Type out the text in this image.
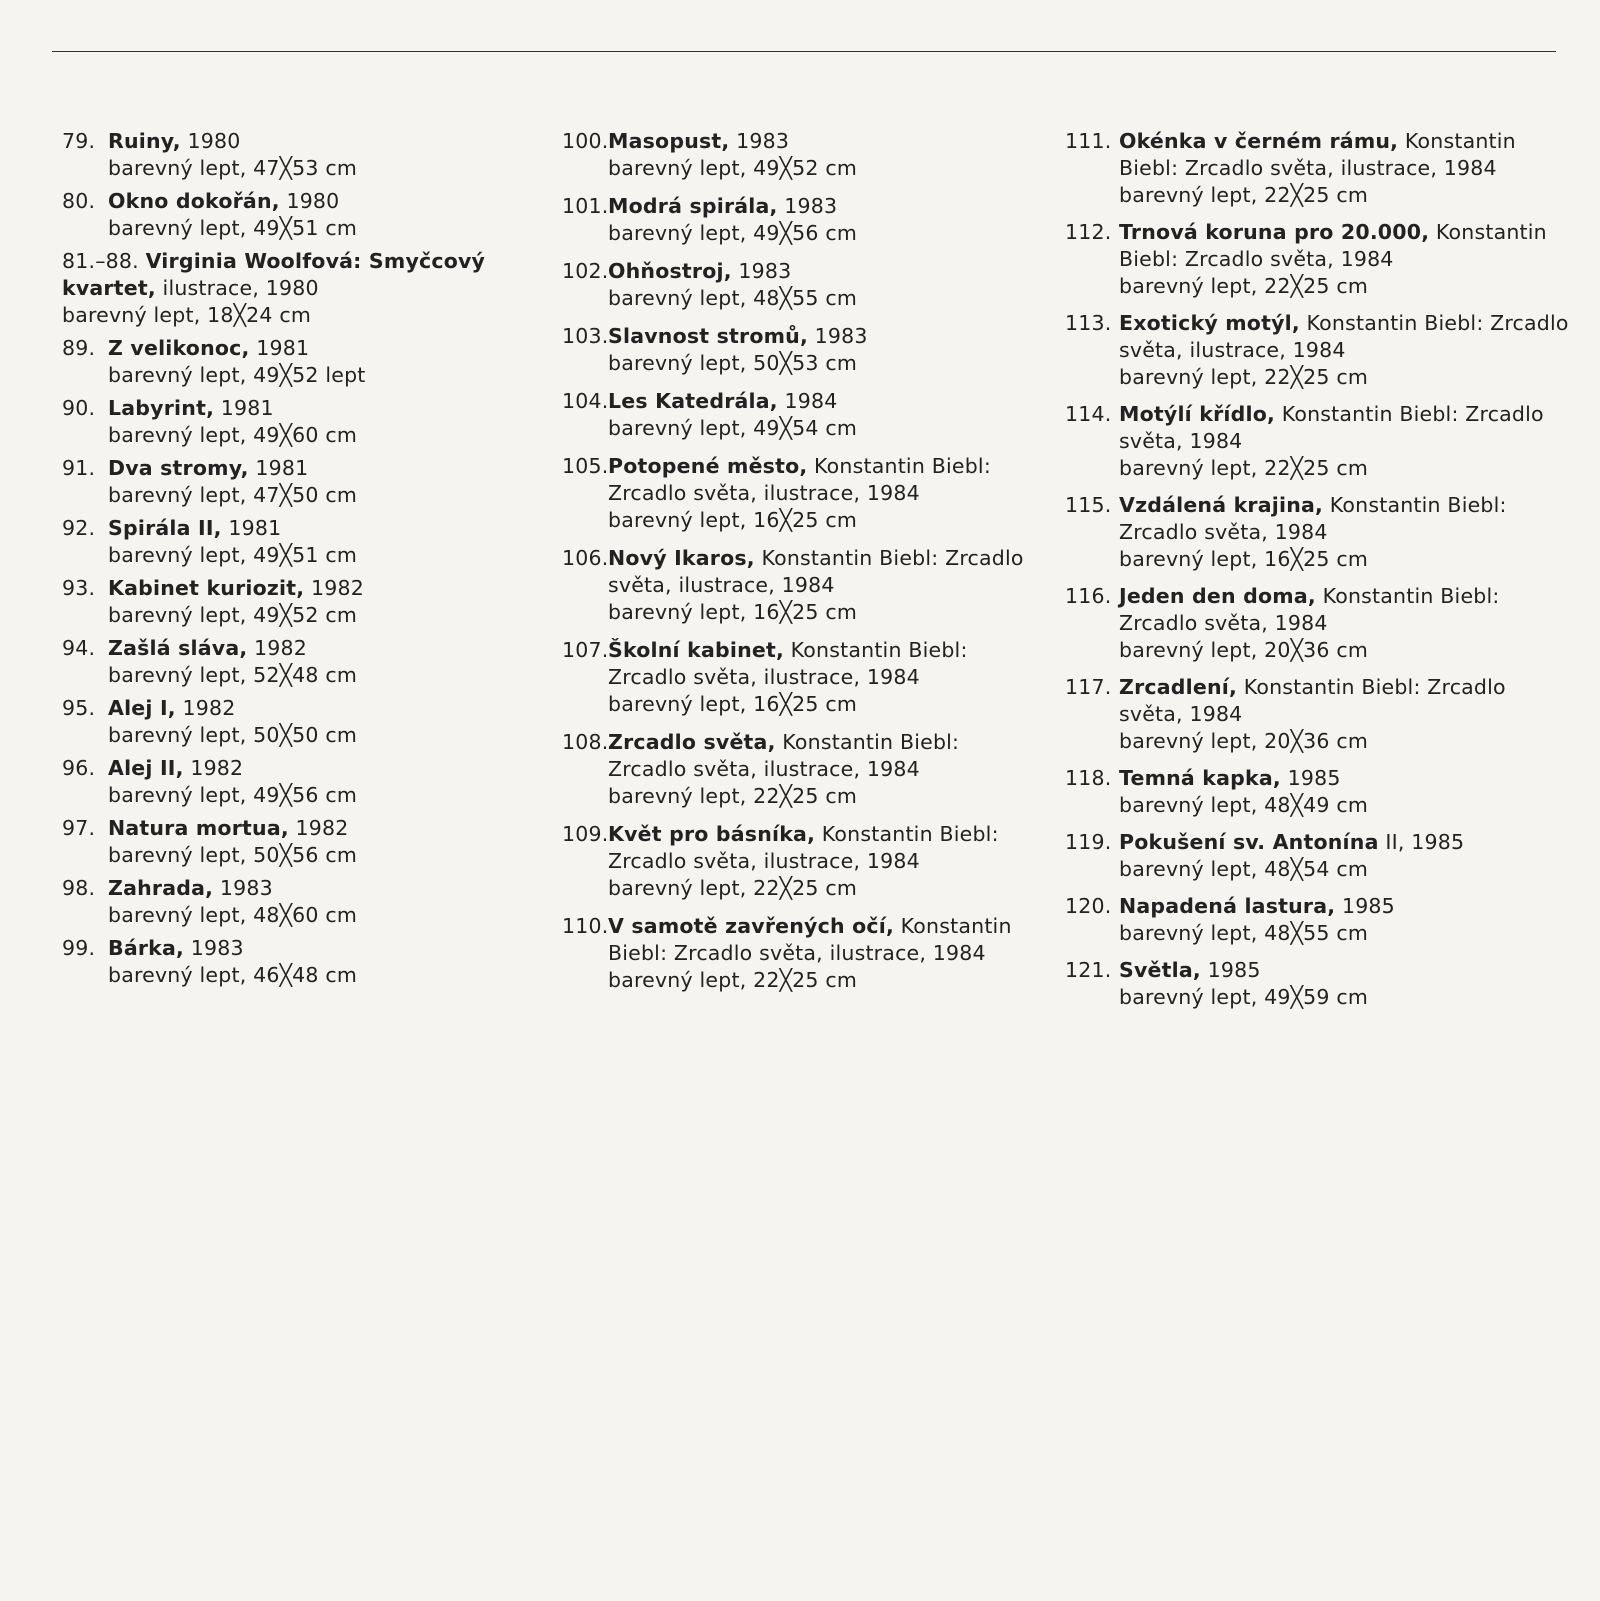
79. Ruiny, 1980
barevný lept, 47╳53 cm
80. Okno dokořán, 1980
barevný lept, 49╳51 cm
81.–88. Virginia Woolfová: Smyčcový kvartet, ilustrace, 1980
barevný lept, 18╳24 cm
89. Z velikonoc, 1981
barevný lept, 49╳52 lept
90. Labyrint, 1981
barevný lept, 49╳60 cm
91. Dva stromy, 1981
barevný lept, 47╳50 cm
92. Spirála II, 1981
barevný lept, 49╳51 cm
93. Kabinet kuriozit, 1982
barevný lept, 49╳52 cm
94. Zašlá sláva, 1982
barevný lept, 52╳48 cm
95. Alej I, 1982
barevný lept, 50╳50 cm
96. Alej II, 1982
barevný lept, 49╳56 cm
97. Natura mortua, 1982
barevný lept, 50╳56 cm
98. Zahrada, 1983
barevný lept, 48╳60 cm
99. Bárka, 1983
barevný lept, 46╳48 cm
100. Masopust, 1983
barevný lept, 49╳52 cm
101. Modrá spirála, 1983
barevný lept, 49╳56 cm
102. Ohňostroj, 1983
barevný lept, 48╳55 cm
103. Slavnost stromů, 1983
barevný lept, 50╳53 cm
104. Les Katedrála, 1984
barevný lept, 49╳54 cm
105. Potopené město, Konstantin Biebl: Zrcadlo světa, ilustrace, 1984
barevný lept, 16╳25 cm
106. Nový Ikaros, Konstantin Biebl: Zrcadlo světa, ilustrace, 1984
barevný lept, 16╳25 cm
107. Školní kabinet, Konstantin Biebl: Zrcadlo světa, ilustrace, 1984
barevný lept, 16╳25 cm
108. Zrcadlo světa, Konstantin Biebl: Zrcadlo světa, ilustrace, 1984
barevný lept, 22╳25 cm
109. Květ pro básníka, Konstantin Biebl: Zrcadlo světa, ilustrace, 1984
barevný lept, 22╳25 cm
110. V samotě zavřených očí, Konstantin Biebl: Zrcadlo světa, ilustrace, 1984
barevný lept, 22╳25 cm
111. Okénka v černém rámu, Konstantin Biebl: Zrcadlo světa, ilustrace, 1984
barevný lept, 22╳25 cm
112. Trnová koruna pro 20.000, Konstantin Biebl: Zrcadlo světa, 1984
barevný lept, 22╳25 cm
113. Exotický motýl, Konstantin Biebl: Zrcadlo světa, ilustrace, 1984
barevný lept, 22╳25 cm
114. Motýlí křídlo, Konstantin Biebl: Zrcadlo světa, 1984
barevný lept, 22╳25 cm
115. Vzdálená krajina, Konstantin Biebl: Zrcadlo světa, 1984
barevný lept, 16╳25 cm
116. Jeden den doma, Konstantin Biebl: Zrcadlo světa, 1984
barevný lept, 20╳36 cm
117. Zrcadlení, Konstantin Biebl: Zrcadlo světa, 1984
barevný lept, 20╳36 cm
118. Temná kapka, 1985
barevný lept, 48╳49 cm
119. Pokušení sv. Antonína II, 1985
barevný lept, 48╳54 cm
120. Napadená lastura, 1985
barevný lept, 48╳55 cm
121. Světla, 1985
barevný lept, 49╳59 cm
